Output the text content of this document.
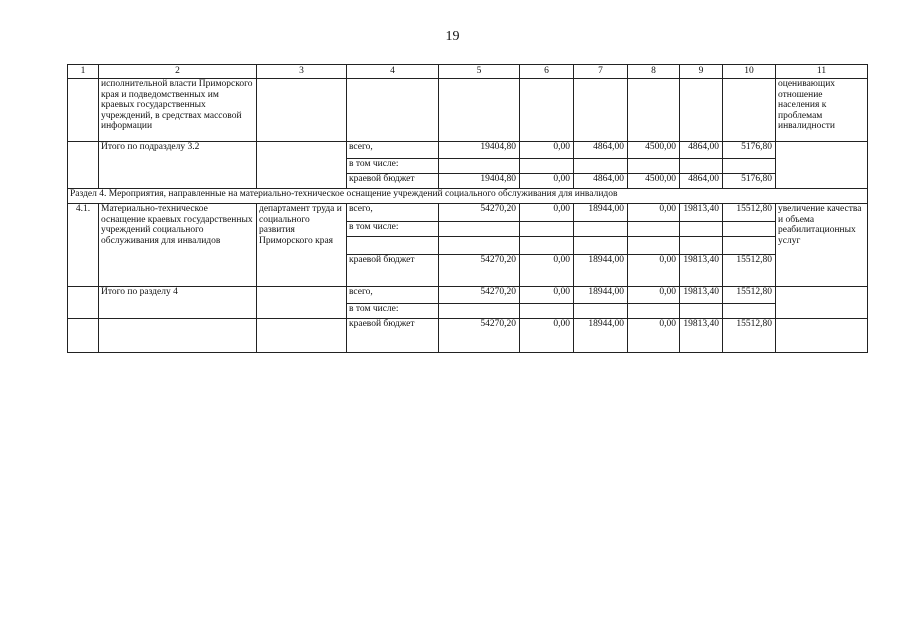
19
1	2	3	4	5	6	7	8	9	10	11
	исполнительной власти Приморского края и подведомственных им краевых государственных учреждений, в средствах массовой информации									оценивающих отношение населения к проблемам инвалидности
	Итого по подразделу 3.2		всего,	19404,80	0,00	4864,00	4500,00	4864,00	5176,80	
			в том числе:							
			краевой бюджет	19404,80	0,00	4864,00	4500,00	4864,00	5176,80	
Раздел 4. Мероприятия, направленные на материально-техническое оснащение учреждений социального обслуживания для инвалидов										
4.1.	Материально-техническое оснащение краевых государственных учреждений социального обслуживания для инвалидов	департамент труда и социального развития Приморского края	всего,	54270,20	0,00	18944,00	0,00	19813,40	15512,80	увеличение качества и объема реабилитационных услуг
			в том числе:							

			краевой бюджет	54270,20	0,00	18944,00	0,00	19813,40	15512,80	
	Итого по разделу 4		всего,	54270,20	0,00	18944,00	0,00	19813,40	15512,80	
			в том числе:							
			краевой бюджет	54270,20	0,00	18944,00	0,00	19813,40	15512,80	
